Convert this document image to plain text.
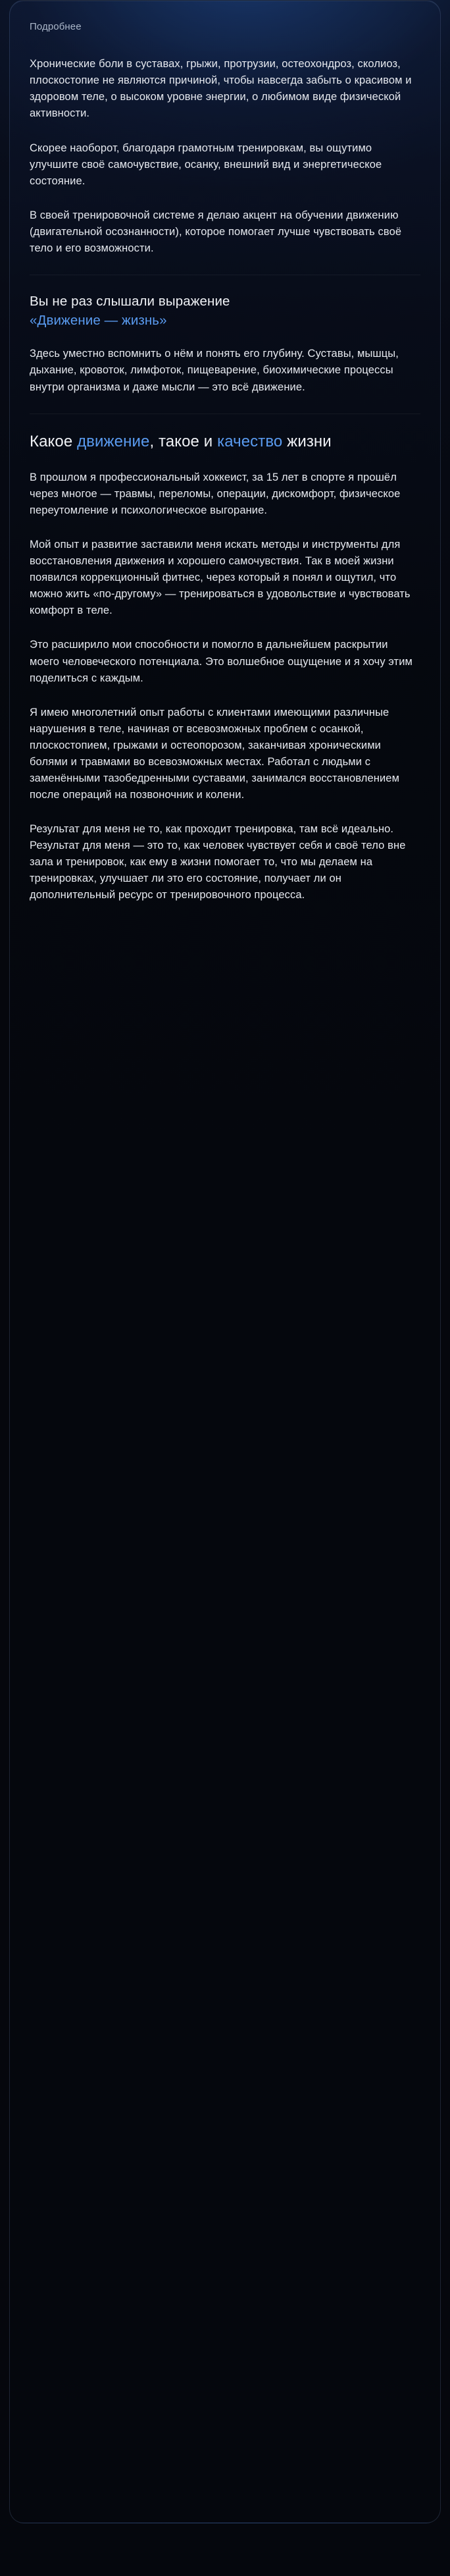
Подробнее

Хронические боли в суставах, грыжи, протрузии, остеохондроз, сколиоз, плоскостопие не являются причиной, чтобы навсегда забыть о красивом и здоровом теле, о высоком уровне энергии, о любимом виде физической активности.

Скорее наоборот, благодаря грамотным тренировкам, вы ощутимо улучшите своё самочувствие, осанку, внешний вид и энергетическое состояние.

В своей тренировочной системе я делаю акцент на обучении движению (двигательной осознанности), которое помогает лучше чувствовать своё тело и его возможности.

Вы не раз слышали выражение
«Движение — жизнь»

Здесь уместно вспомнить о нём и понять его глубину. Суставы, мышцы, дыхание, кровоток, лимфоток, пищеварение, биохимические процессы внутри организма и даже мысли — это всё движение.

Какое движение, такое и качество жизни

В прошлом я профессиональный хоккеист, за 15 лет в спорте я прошёл через многое — травмы, переломы, операции, дискомфорт, физическое переутомление и психологическое выгорание.

Мой опыт и развитие заставили меня искать методы и инструменты для восстановления движения и хорошего самочувствия. Так в моей жизни появился коррекционный фитнес, через который я понял и ощутил, что можно жить «по-другому» — тренироваться в удовольствие и чувствовать комфорт в теле.

Это расширило мои способности и помогло в дальнейшем раскрытии моего человеческого потенциала. Это волшебное ощущение и я хочу этим поделиться с каждым.

Я имею многолетний опыт работы с клиентами имеющими различные нарушения в теле, начиная от всевозможных проблем с осанкой, плоскостопием, грыжами и остеопорозом, заканчивая хроническими болями и травмами во всевозможных местах. Работал с людьми с заменёнными тазобедренными суставами, занимался восстановлением после операций на позвоночник и колени.

Результат для меня не то, как проходит тренировка, там всё идеально. Результат для меня — это то, как человек чувствует себя и своё тело вне зала и тренировок, как ему в жизни помогает то, что мы делаем на тренировках, улучшает ли это его состояние, получает ли он дополнительный ресурс от тренировочного процесса.
